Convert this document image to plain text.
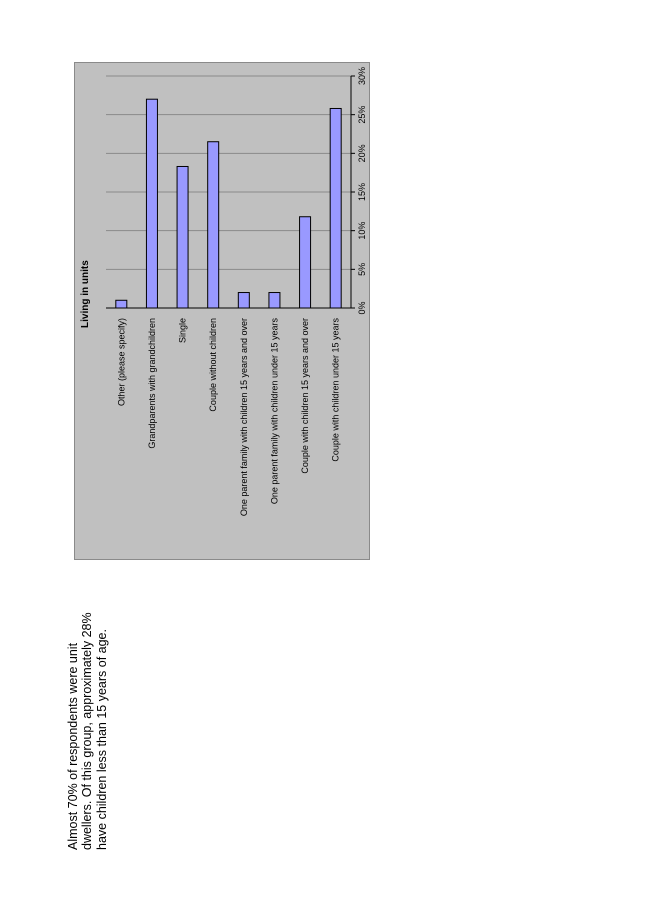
Living in units
Other (please specify) Grandparents with grandchildren Single Couple without children One parent family with children 15 years and over One parent family with children under 15 years Couple with children 15 years and over Couple with children under 15 years
0%
5%
10%
15%
20%
25%
30%
Almost 70% of respondents were unit dwellers. Of this group, approximately 28% have children less than 15 years of age.
